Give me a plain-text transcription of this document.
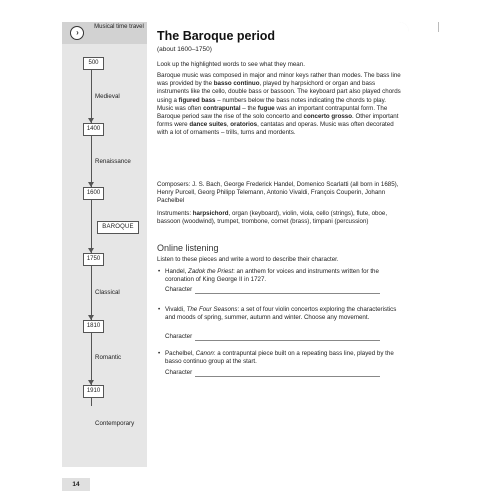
›
Musical time travel
500
1400
1600
1750
1810
1910
Medieval
Renaissance
BAROQUE
Classical
Romantic
Contemporary
The Baroque period
(about 1600–1750)

Look up the highlighted words to see what they mean.

Baroque music was composed in major and minor keys rather than modes. The bass line was provided by the basso continuo, played by harpsichord or organ and bass instruments like the cello, double bass or bassoon. The keyboard part also played chords using a figured bass – numbers below the bass notes indicating the chords to play. Music was often contrapuntal – the fugue was an important contrapuntal form. The Baroque period saw the rise of the solo concerto and concerto grosso. Other important forms were dance suites, oratorios, cantatas and operas. Music was often decorated with a lot of ornaments – trills, turns and mordents.

Composers: J. S. Bach, George Frederick Handel, Domenico Scarlatti (all born in 1685), Henry Purcell, Georg Philipp Telemann, Antonio Vivaldi, François Couperin, Johann Pachelbel

Instruments: harpsichord, organ (keyboard), violin, viola, cello (strings), flute, oboe, bassoon (woodwind), trumpet, trombone, cornet (brass), timpani (percussion)

Online listening

Listen to these pieces and write a word to describe their character.

• Handel, Zadok the Priest: an anthem for voices and instruments written for the coronation of King George II in 1727.
Character
• Vivaldi, The Four Seasons: a set of four violin concertos exploring the characteristics and moods of spring, summer, autumn and winter. Choose any movement.
Character
• Pachelbel, Canon: a contrapuntal piece built on a repeating bass line, played by the basso continuo group at the start.
Character
14
